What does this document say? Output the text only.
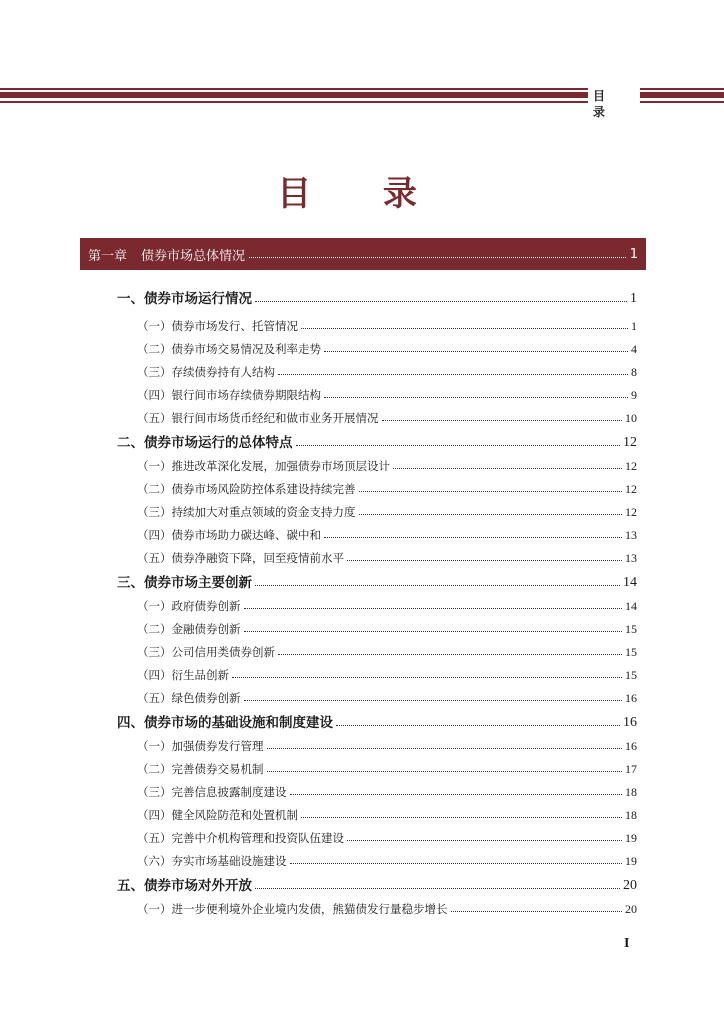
目 录
目 录
第一章 债券市场总体情况	1
一、债券市场运行情况	1
（一）债券市场发行、托管情况	1
（二）债券市场交易情况及利率走势	4
（三）存续债券持有人结构	8
（四）银行间市场存续债券期限结构	9
（五）银行间市场货币经纪和做市业务开展情况	10
二、债券市场运行的总体特点	12
（一）推进改革深化发展，加强债券市场顶层设计	12
（二）债券市场风险防控体系建设持续完善	12
（三）持续加大对重点领域的资金支持力度	12
（四）债券市场助力碳达峰、碳中和	13
（五）债券净融资下降，回至疫情前水平	13
三、债券市场主要创新	14
（一）政府债券创新	14
（二）金融债券创新	15
（三）公司信用类债券创新	15
（四）衍生品创新	15
（五）绿色债券创新	16
四、债券市场的基础设施和制度建设	16
（一）加强债券发行管理	16
（二）完善债券交易机制	17
（三）完善信息披露制度建设	18
（四）健全风险防范和处置机制	18
（五）完善中介机构管理和投资队伍建设	19
（六）夯实市场基础设施建设	19
五、债券市场对外开放	20
（一）进一步便利境外企业境内发债，熊猫债发行量稳步增长	20
I
